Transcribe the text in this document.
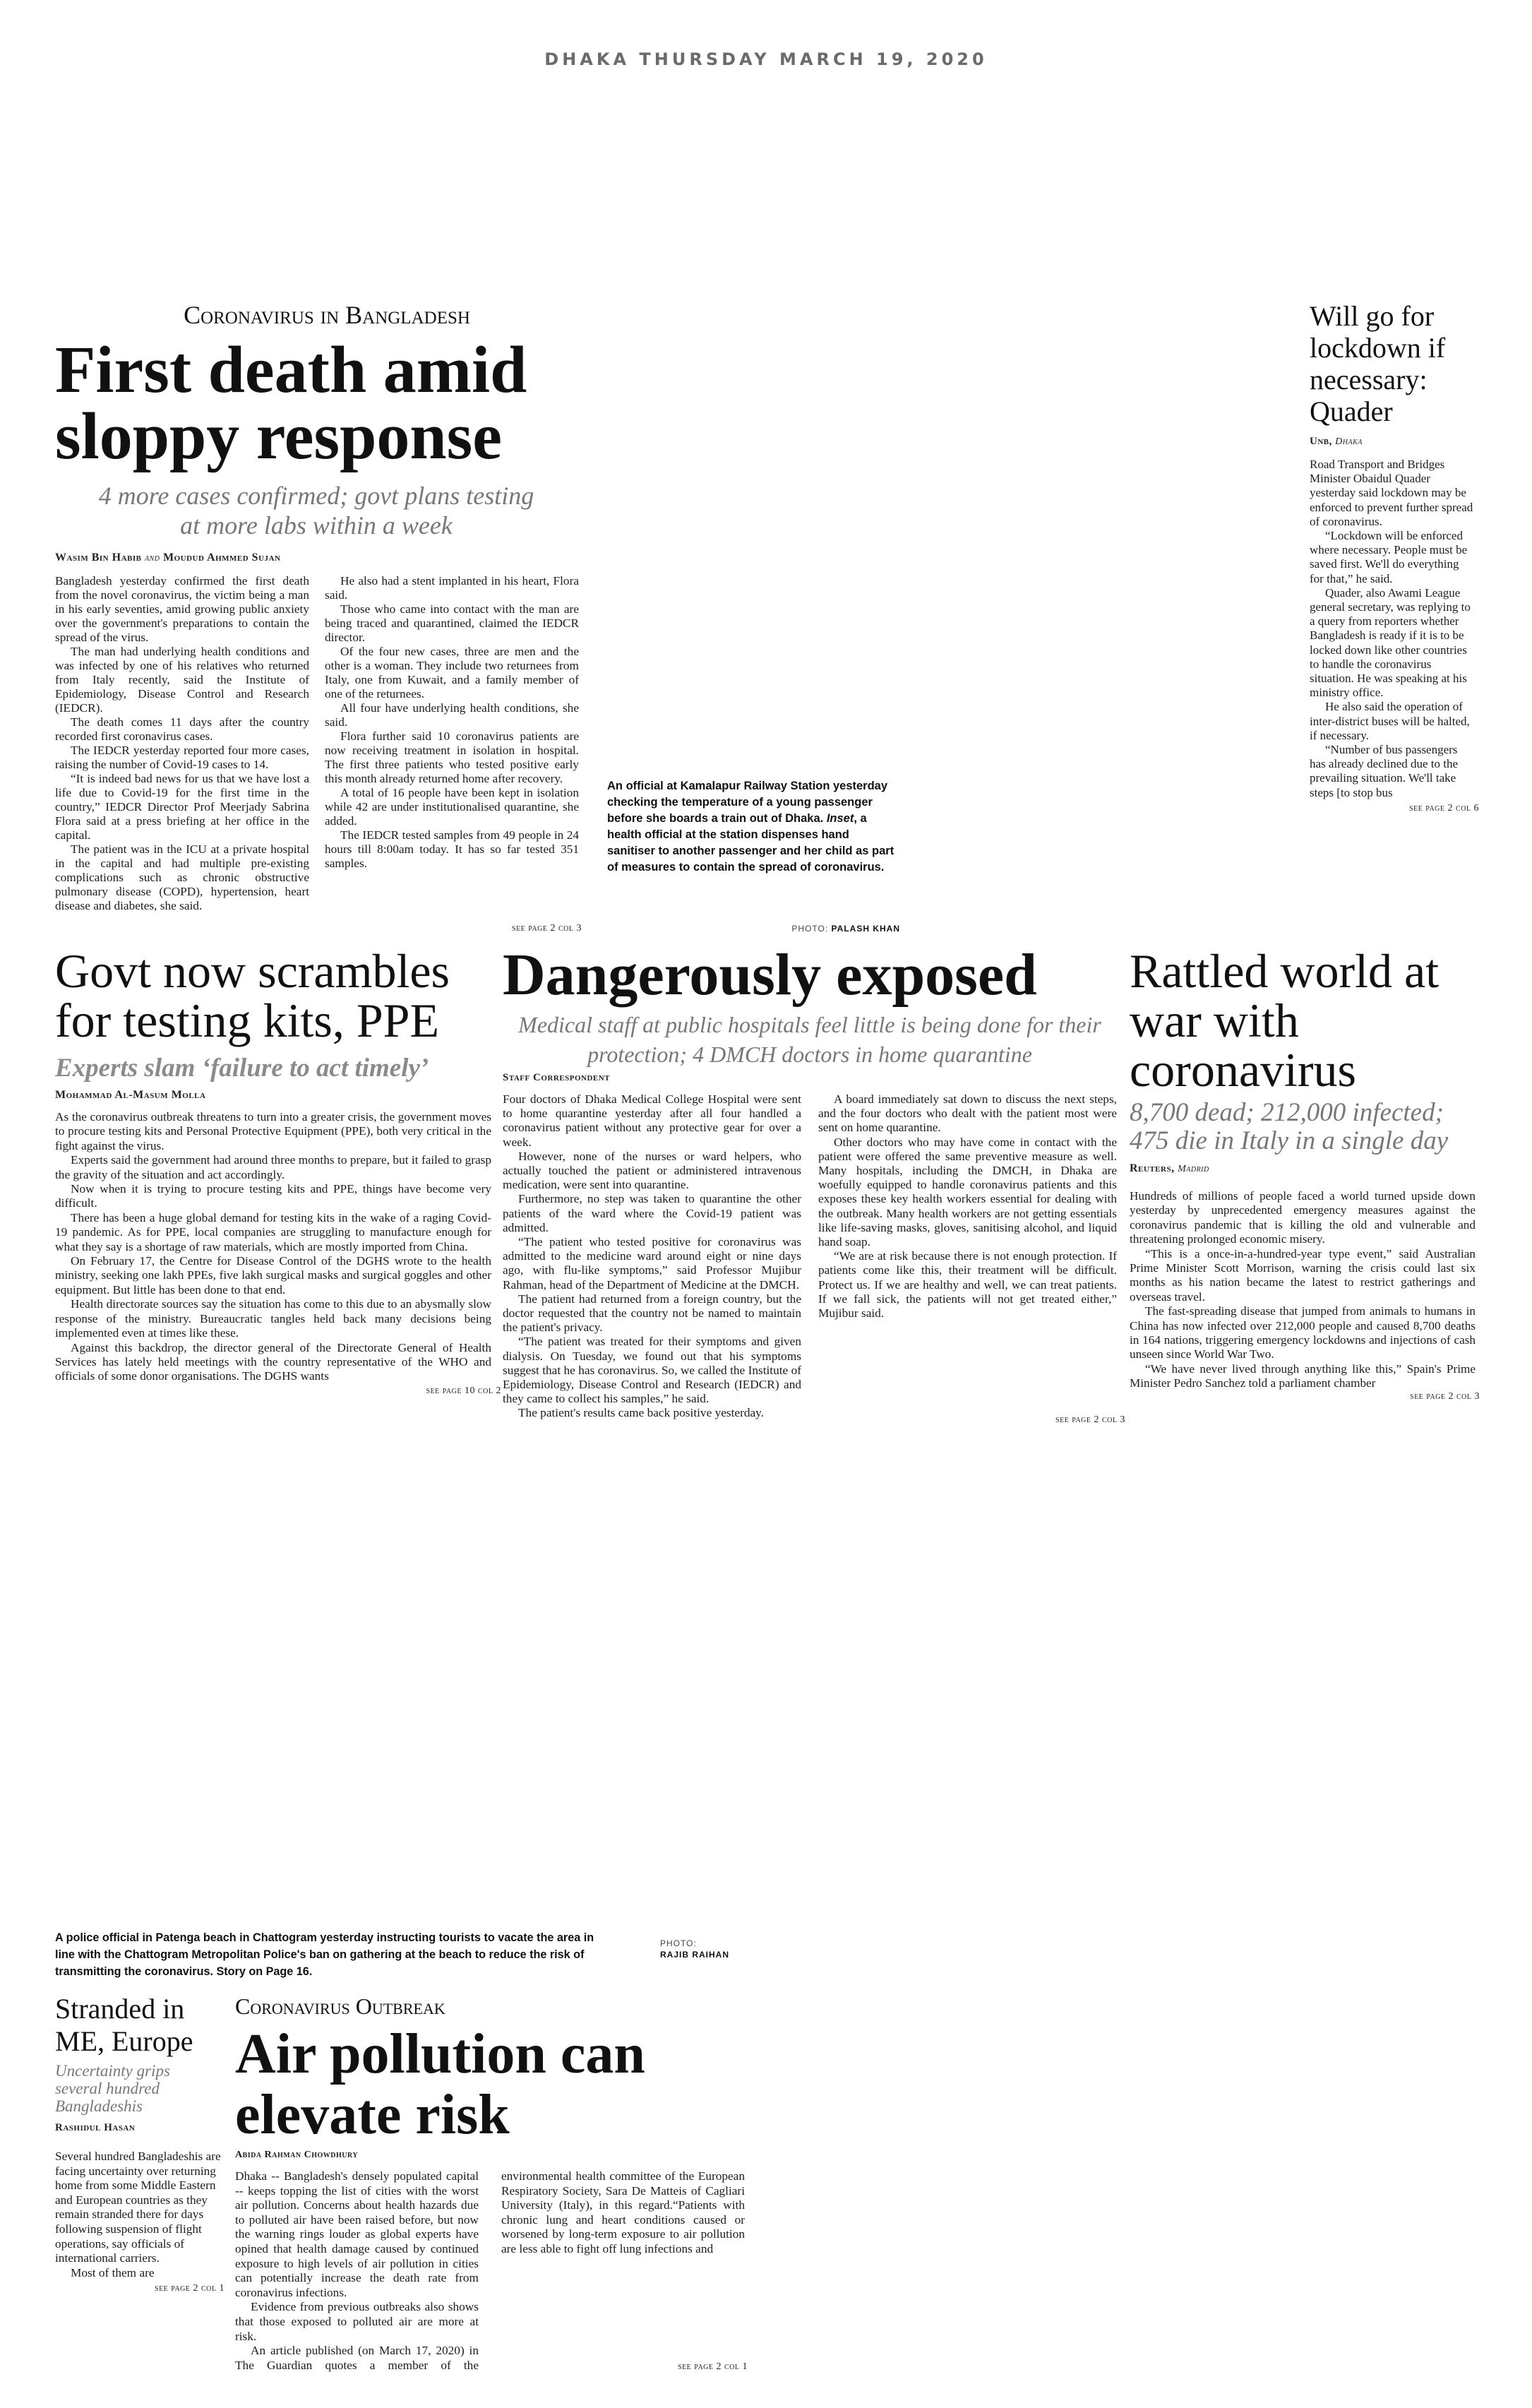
DHAKA THURSDAY MARCH 19, 2020
Coronavirus in Bangladesh
First death amid sloppy response
4 more cases confirmed; govt plans testing at more labs within a week
Wasim Bin Habib and Moudud Ahmmed Sujan

Bangladesh yesterday confirmed the first death from the novel coronavirus, the victim being a man in his early seventies, amid growing public anxiety over the government's preparations to contain the spread of the virus.

The man had underlying health conditions and was infected by one of his relatives who returned from Italy recently, said the Institute of Epidemiology, Disease Control and Research (IEDCR).

The death comes 11 days after the country recorded first coronavirus cases.

The IEDCR yesterday reported four more cases, raising the number of Covid-19 cases to 14.

“It is indeed bad news for us that we have lost a life due to Covid-19 for the first time in the country,” IEDCR Director Prof Meerjady Sabrina Flora said at a press briefing at her office in the capital.

The patient was in the ICU at a private hospital in the capital and had multiple pre-existing complications such as chronic obstructive pulmonary disease (COPD), hypertension, heart disease and diabetes, she said.

He also had a stent implanted in his heart, Flora said.

Those who came into contact with the man are being traced and quarantined, claimed the IEDCR director.

Of the four new cases, three are men and the other is a woman. They include two returnees from Italy, one from Kuwait, and a family member of one of the returnees.

All four have underlying health conditions, she said.

Flora further said 10 coronavirus patients are now receiving treatment in isolation in hospital. The first three patients who tested positive early this month already returned home after recovery.

A total of 16 people have been kept in isolation while 42 are under institutionalised quarantine, she added.

The IEDCR tested samples from 49 people in 24 hours till 8:00am today. It has so far tested 351 samples.

see page 2 col 3
An official at Kamalapur Railway Station yesterday checking the temperature of a young passenger before she boards a train out of Dhaka. Inset, a health official at the station dispenses hand sanitiser to another passenger and her child as part of measures to contain the spread of coronavirus.
PHOTO: PALASH KHAN
Will go for lockdown if necessary: Quader
Unb, Dhaka

Road Transport and Bridges Minister Obaidul Quader yesterday said lockdown may be enforced to prevent further spread of coronavirus.

“Lockdown will be enforced where necessary. People must be saved first. We'll do everything for that,” he said.

Quader, also Awami League general secretary, was replying to a query from reporters whether Bangladesh is ready if it is to be locked down like other countries to handle the coronavirus situation. He was speaking at his ministry office.

He also said the operation of inter-district buses will be halted, if necessary.

“Number of bus passengers has already declined due to the prevailing situation. We'll take steps [to stop bus

see page 2 col 6
Govt now scrambles for testing kits, PPE
Experts slam ‘failure to act timely’
Mohammad Al-Masum Molla

As the coronavirus outbreak threatens to turn into a greater crisis, the government moves to procure testing kits and Personal Protective Equipment (PPE), both very critical in the fight against the virus.

Experts said the government had around three months to prepare, but it failed to grasp the gravity of the situation and act accordingly.

Now when it is trying to procure testing kits and PPE, things have become very difficult.

There has been a huge global demand for testing kits in the wake of a raging Covid-19 pandemic. As for PPE, local companies are struggling to manufacture enough for what they say is a shortage of raw materials, which are mostly imported from China.

On February 17, the Centre for Disease Control of the DGHS wrote to the health ministry, seeking one lakh PPEs, five lakh surgical masks and surgical goggles and other equipment. But little has been done to that end.

Health directorate sources say the situation has come to this due to an abysmally slow response of the ministry. Bureaucratic tangles held back many decisions being implemented even at times like these.

Against this backdrop, the director general of the Directorate General of Health Services has lately held meetings with the country representative of the WHO and officials of some donor organisations. The DGHS wants

see page 10 col 2
Dangerously exposed
Medical staff at public hospitals feel little is being done for their protection; 4 DMCH doctors in home quarantine
Staff Correspondent

Four doctors of Dhaka Medical College Hospital were sent to home quarantine yesterday after all four handled a coronavirus patient without any protective gear for over a week.

However, none of the nurses or ward helpers, who actually touched the patient or administered intravenous medication, were sent into quarantine.

Furthermore, no step was taken to quarantine the other patients of the ward where the Covid-19 patient was admitted.

“The patient who tested positive for coronavirus was admitted to the medicine ward around eight or nine days ago, with flu-like symptoms,” said Professor Mujibur Rahman, head of the Department of Medicine at the DMCH.

The patient had returned from a foreign country, but the doctor requested that the country not be named to maintain the patient's privacy.

“The patient was treated for their symptoms and given dialysis. On Tuesday, we found out that his symptoms suggest that he has coronavirus. So, we called the Institute of Epidemiology, Disease Control and Research (IEDCR) and they came to collect his samples,” he said.

The patient's results came back positive yesterday.

A board immediately sat down to discuss the next steps, and the four doctors who dealt with the patient most were sent on home quarantine.

Other doctors who may have come in contact with the patient were offered the same preventive measure as well. Many hospitals, including the DMCH, in Dhaka are woefully equipped to handle coronavirus patients and this exposes these key health workers essential for dealing with the outbreak. Many health workers are not getting essentials like life-saving masks, gloves, sanitising alcohol, and liquid hand soap.

“We are at risk because there is not enough protection. If patients come like this, their treatment will be difficult. Protect us. If we are healthy and well, we can treat patients. If we fall sick, the patients will not get treated either,” Mujibur said.

see page 2 col 3
Rattled world at war with coronavirus
8,700 dead; 212,000 infected; 475 die in Italy in a single day
Reuters, Madrid

Hundreds of millions of people faced a world turned upside down yesterday by unprecedented emergency measures against the coronavirus pandemic that is killing the old and vulnerable and threatening prolonged economic misery.

“This is a once-in-a-hundred-year type event,” said Australian Prime Minister Scott Morrison, warning the crisis could last six months as his nation became the latest to restrict gatherings and overseas travel.

The fast-spreading disease that jumped from animals to humans in China has now infected over 212,000 people and caused 8,700 deaths in 164 nations, triggering emergency lockdowns and injections of cash unseen since World War Two.

“We have never lived through anything like this,” Spain's Prime Minister Pedro Sanchez told a parliament chamber

see page 2 col 3
A police official in Patenga beach in Chattogram yesterday instructing tourists to vacate the area in line with the Chattogram Metropolitan Police's ban on gathering at the beach to reduce the risk of transmitting the coronavirus. Story on Page 16.
PHOTO:
RAJIB RAIHAN
Stranded in ME, Europe
Uncertainty grips several hundred Bangladeshis
Rashidul Hasan

Several hundred Bangladeshis are facing uncertainty over returning home from some Middle Eastern and European countries as they remain stranded there for days following suspension of flight operations, say officials of international carriers.

Most of them are

see page 2 col 1
Coronavirus Outbreak
Air pollution can elevate risk
Abida Rahman Chowdhury

Dhaka -- Bangladesh's densely populated capital -- keeps topping the list of cities with the worst air pollution. Concerns about health hazards due to polluted air have been raised before, but now the warning rings louder as global experts have opined that health damage caused by continued exposure to high levels of air pollution in cities can potentially increase the death rate from coronavirus infections.

Evidence from previous outbreaks also shows that those exposed to polluted air are more at risk.

An article published (on March 17, 2020) in The Guardian quotes a member of the environmental health committee of the European Respiratory Society, Sara De Matteis of Cagliari University (Italy), in this regard.“Patients with chronic lung and heart conditions caused or worsened by long-term exposure to air pollution are less able to fight off lung infections and

see page 2 col 1
